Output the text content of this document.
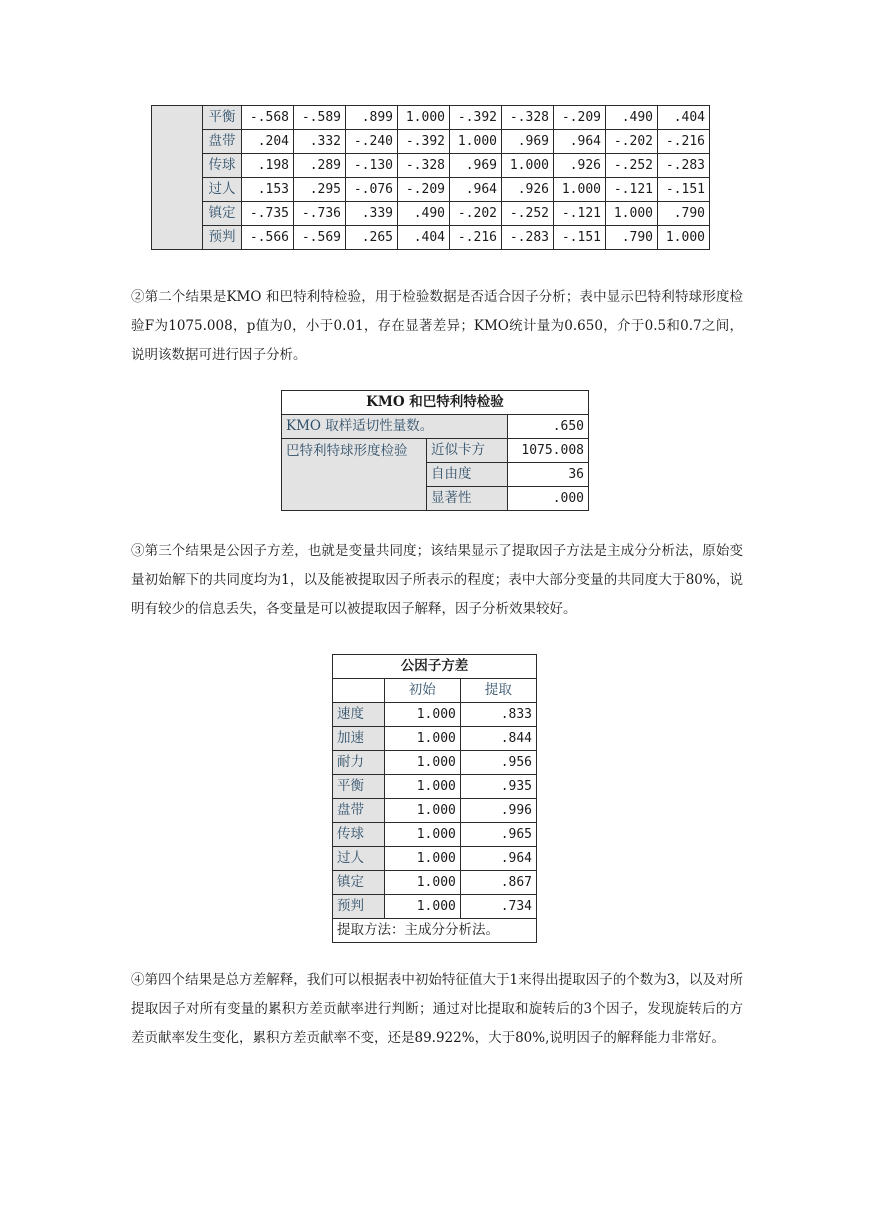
	平衡	-.568	-.589	.899	1.000	-.392	-.328	-.209	.490	.404
	盘带	.204	.332	-.240	-.392	1.000	.969	.964	-.202	-.216
	传球	.198	.289	-.130	-.328	.969	1.000	.926	-.252	-.283
	过人	.153	.295	-.076	-.209	.964	.926	1.000	-.121	-.151
	镇定	-.735	-.736	.339	.490	-.202	-.252	-.121	1.000	.790
	预判	-.566	-.569	.265	.404	-.216	-.283	-.151	.790	1.000

②第二个结果是KMO 和巴特利特检验，用于检验数据是否适合因子分析；表中显示巴特利特球形度检验F为1075.008，p值为0，小于0.01，存在显著差异；KMO统计量为0.650，介于0.5和0.7之间，说明该数据可进行因子分析。

KMO 和巴特利特检验		
KMO 取样适切性量数。		.650
巴特利特球形度检验	近似卡方	1075.008
	自由度	36
	显著性	.000

③第三个结果是公因子方差，也就是变量共同度；该结果显示了提取因子方法是主成分分析法，原始变量初始解下的共同度均为1，以及能被提取因子所表示的程度；表中大部分变量的共同度大于80%，说明有较少的信息丢失，各变量是可以被提取因子解释，因子分析效果较好。

公因子方差		
	初始	提取
速度	1.000	.833
加速	1.000	.844
耐力	1.000	.956
平衡	1.000	.935
盘带	1.000	.996
传球	1.000	.965
过人	1.000	.964
镇定	1.000	.867
预判	1.000	.734
提取方法：主成分分析法。		

④第四个结果是总方差解释，我们可以根据表中初始特征值大于1来得出提取因子的个数为3，以及对所提取因子对所有变量的累积方差贡献率进行判断；通过对比提取和旋转后的3个因子，发现旋转后的方差贡献率发生变化，累积方差贡献率不变，还是89.922%，大于80%,说明因子的解释能力非常好。
